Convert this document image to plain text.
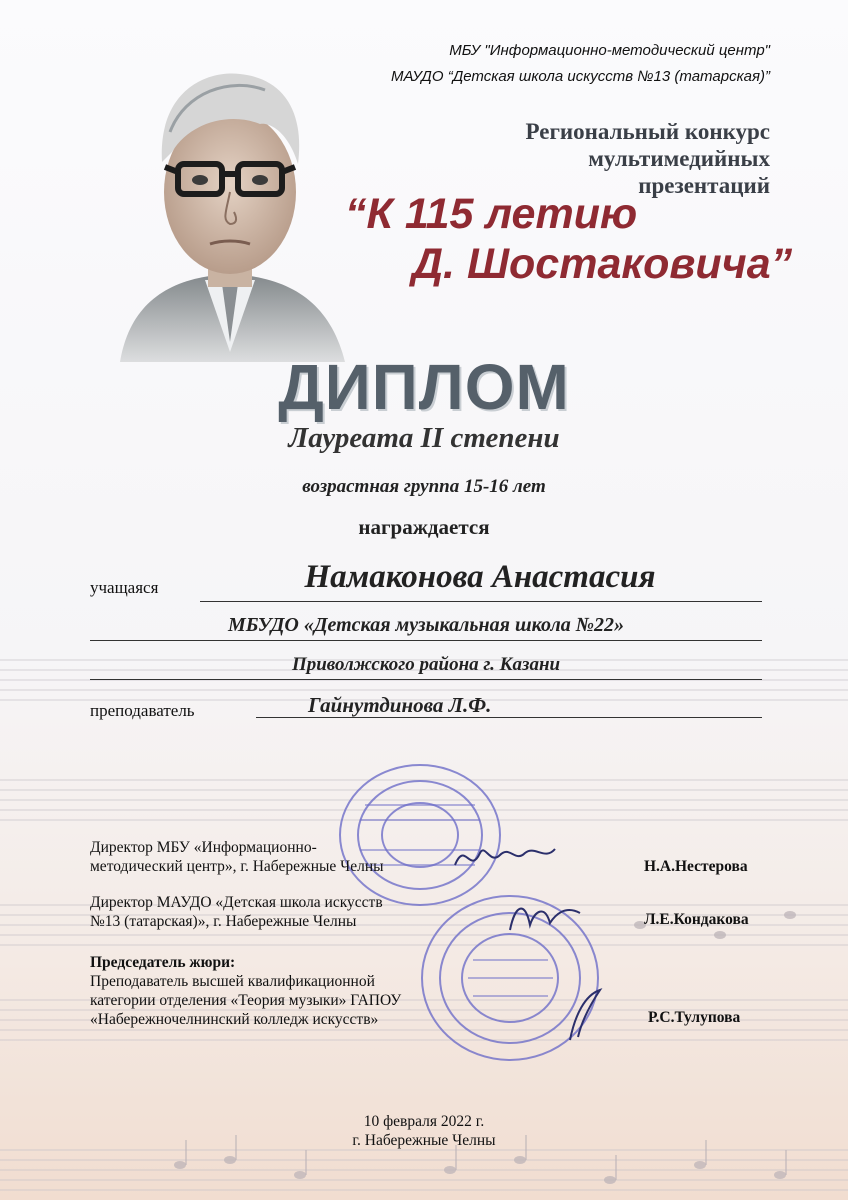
МБУ "Информационно-методический центр"
МАУДО “Детская школа искусств №13 (татарская)”
Региональный конкурс
мультимедийных
презентаций
“К 115 летию
Д. Шостаковича”
ДИПЛОМ
Лауреата II степени
возрастная группа 15-16 лет
награждается
учащаяся	Намаконова Анастасия
МБУДО «Детская музыкальная школа №22»
Приволжского района г. Казани
преподаватель	Гайнутдинова Л.Ф.
Директор МБУ «Информационно-
методический центр», г. Набережные Челны	Н.А.Нестерова
Директор МАУДО «Детская школа искусств
№13 (татарская)», г. Набережные Челны	Л.Е.Кондакова
Председатель жюри:
Преподаватель высшей квалификационной
категории отделения «Теория музыки» ГАПОУ
«Набережночелнинский колледж искусств»	Р.С.Тулупова
10 февраля 2022 г.
г. Набережные Челны
